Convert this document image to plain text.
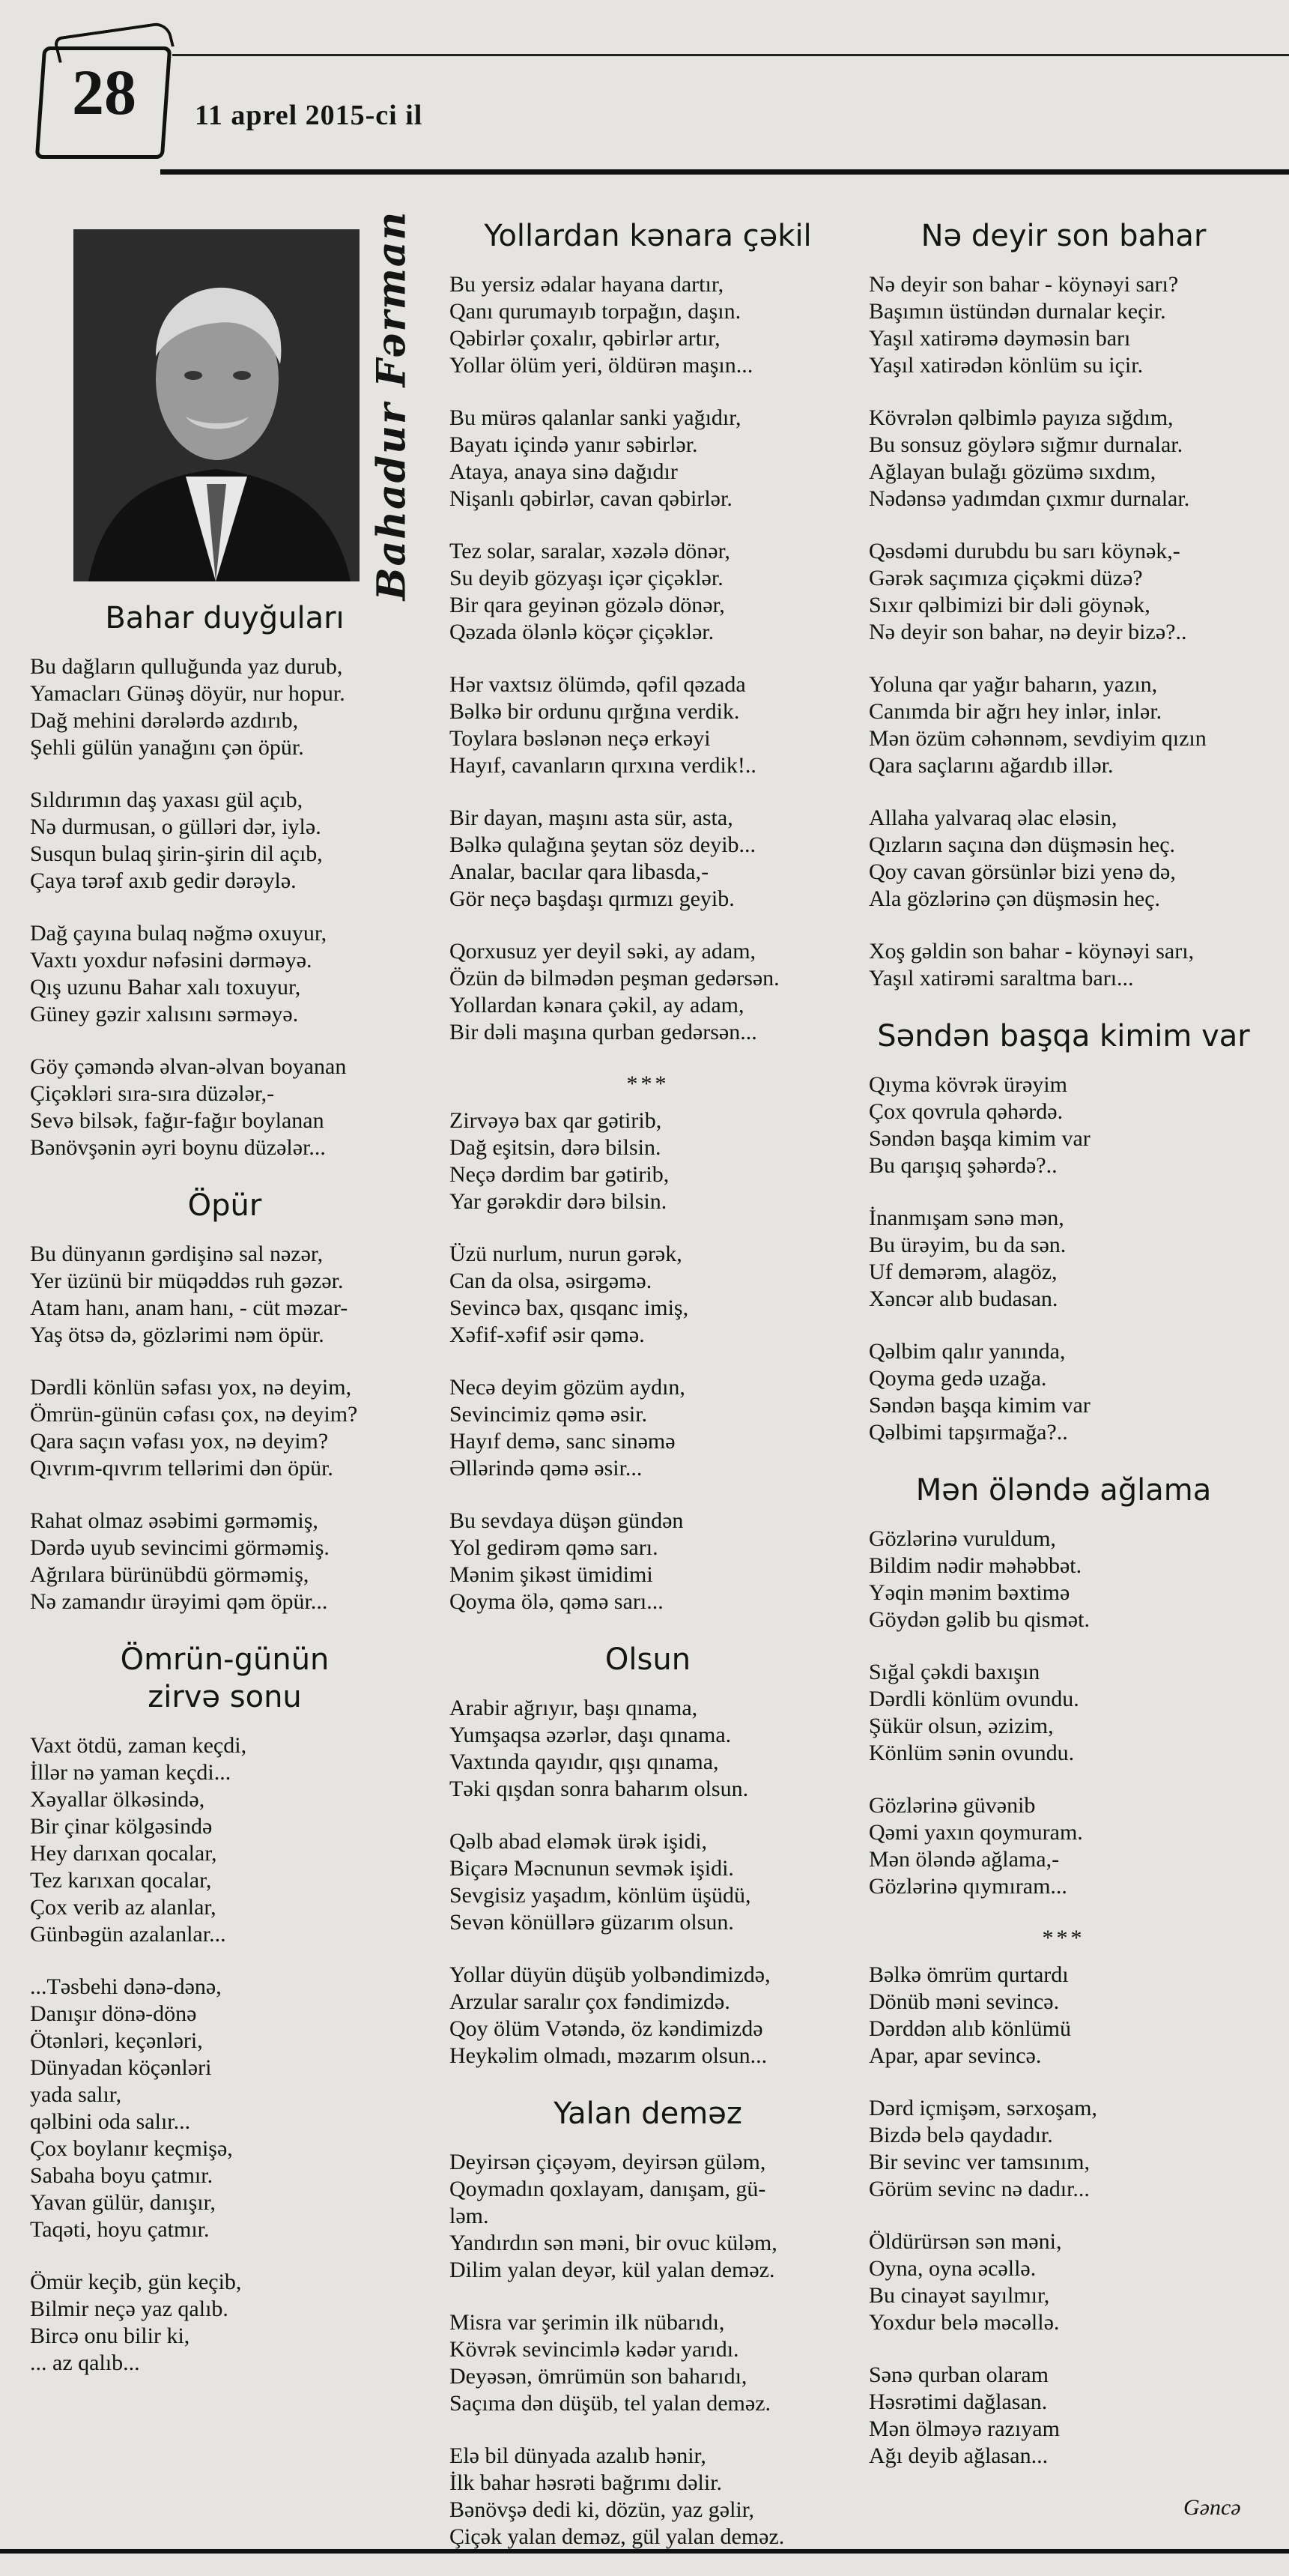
28	11 aprel 2015-ci il
Bahadur Fərman
Bahar duyğuları
Bu dağların qulluğunda yaz durub,
Yamacları Günəş döyür, nur hopur.
Dağ mehini dərələrdə azdırıb,
Şehli gülün yanağını çən öpür.
Sıldırımın daş yaxası gül açıb,
Nə durmusan, o gülləri dər, iylə.
Susqun bulaq şirin-şirin dil açıb,
Çaya tərəf axıb gedir dərəylə.
Dağ çayına bulaq nəğmə oxuyur,
Vaxtı yoxdur nəfəsini dərməyə.
Qış uzunu Bahar xalı toxuyur,
Güney gəzir xalısını sərməyə.
Göy çəməndə əlvan-əlvan boyanan
Çiçəkləri sıra-sıra düzələr,-
Sevə bilsək, fağır-fağır boylanan
Bənövşənin əyri boynu düzələr...
Öpür
Bu dünyanın gərdişinə sal nəzər,
Yer üzünü bir müqəddəs ruh gəzər.
Atam hanı, anam hanı, - cüt məzar-
Yaş ötsə də, gözlərimi nəm öpür.
Dərdli könlün səfası yox, nə deyim,
Ömrün-günün cəfası çox, nə deyim?
Qara saçın vəfası yox, nə deyim?
Qıvrım-qıvrım tellərimi dən öpür.
Rahat olmaz əsəbimi gərməmiş,
Dərdə uyub sevincimi görməmiş.
Ağrılara bürünübdü görməmiş,
Nə zamandır ürəyimi qəm öpür...
Ömrün-günün
zirvə sonu
Vaxt ötdü, zaman keçdi,
İllər nə yaman keçdi...
Xəyallar ölkəsində,
Bir çinar kölgəsində
Hey darıxan qocalar,
Tez karıxan qocalar,
Çox verib az alanlar,
Günbəgün azalanlar...
...Təsbehi dənə-dənə,
Danışır dönə-dönə
Ötənləri, keçənləri,
Dünyadan köçənləri
yada salır,
qəlbini oda salır...
Çox boylanır keçmişə,
Sabaha boyu çatmır.
Yavan gülür, danışır,
Taqəti, hoyu çatmır.
Ömür keçib, gün keçib,
Bilmir neçə yaz qalıb.
Bircə onu bilir ki,
... az qalıb...
Yollardan kənara çəkil
Bu yersiz ədalar hayana dartır,
Qanı qurumayıb torpağın, daşın.
Qəbirlər çoxalır, qəbirlər artır,
Yollar ölüm yeri, öldürən maşın...
Bu mürəs qalanlar sanki yağıdır,
Bayatı içində yanır səbirlər.
Ataya, anaya sinə dağıdır
Nişanlı qəbirlər, cavan qəbirlər.
Tez solar, saralar, xəzələ dönər,
Su deyib gözyaşı içər çiçəklər.
Bir qara geyinən gözələ dönər,
Qəzada ölənlə köçər çiçəklər.
Hər vaxtsız ölümdə, qəfil qəzada
Bəlkə bir ordunu qırğına verdik.
Toylara bəslənən neçə erkəyi
Hayıf, cavanların qırxına verdik!..
Bir dayan, maşını asta sür, asta,
Bəlkə qulağına şeytan söz deyib...
Analar, bacılar qara libasda,-
Gör neçə başdaşı qırmızı geyib.
Qorxusuz yer deyil səki, ay adam,
Özün də bilmədən peşman gedərsən.
Yollardan kənara çəkil, ay adam,
Bir dəli maşına qurban gedərsən...
***
Zirvəyə bax qar gətirib,
Dağ eşitsin, dərə bilsin.
Neçə dərdim bar gətirib,
Yar gərəkdir dərə bilsin.
Üzü nurlum, nurun gərək,
Can da olsa, əsirgəmə.
Sevincə bax, qısqanc imiş,
Xəfif-xəfif əsir qəmə.
Necə deyim gözüm aydın,
Sevincimiz qəmə əsir.
Hayıf demə, sanc sinəmə
Əllərində qəmə əsir...
Bu sevdaya düşən gündən
Yol gedirəm qəmə sarı.
Mənim şikəst ümidimi
Qoyma ölə, qəmə sarı...
Olsun
Arabir ağrıyır, başı qınama,
Yumşaqsa əzərlər, daşı qınama.
Vaxtında qayıdır, qışı qınama,
Təki qışdan sonra baharım olsun.
Qəlb abad eləmək ürək işidi,
Biçarə Məcnunun sevmək işidi.
Sevgisiz yaşadım, könlüm üşüdü,
Sevən könüllərə güzarım olsun.
Yollar düyün düşüb yolbəndimizdə,
Arzular saralır çox fəndimizdə.
Qoy ölüm Vətəndə, öz kəndimizdə
Heykəlim olmadı, məzarım olsun...
Yalan deməz
Deyirsən çiçəyəm, deyirsən güləm,
Qoymadın qoxlayam, danışam, gü-
ləm.
Yandırdın sən məni, bir ovuc küləm,
Dilim yalan deyər, kül yalan deməz.
Misra var şerimin ilk nübarıdı,
Kövrək sevincimlə kədər yarıdı.
Deyəsən, ömrümün son baharıdı,
Saçıma dən düşüb, tel yalan deməz.
Elə bil dünyada azalıb hənir,
İlk bahar həsrəti bağrımı dəlir.
Bənövşə dedi ki, dözün, yaz gəlir,
Çiçək yalan deməz, gül yalan deməz.
Nə deyir son bahar
Nə deyir son bahar - köynəyi sarı?
Başımın üstündən durnalar keçir.
Yaşıl xatirəmə dəyməsin barı
Yaşıl xatirədən könlüm su içir.
Kövrələn qəlbimlə payıza sığdım,
Bu sonsuz göylərə sığmır durnalar.
Ağlayan bulağı gözümə sıxdım,
Nədənsə yadımdan çıxmır durnalar.
Qəsdəmi durubdu bu sarı köynək,-
Gərək saçımıza çiçəkmi düzə?
Sıxır qəlbimizi bir dəli göynək,
Nə deyir son bahar, nə deyir bizə?..
Yoluna qar yağır baharın, yazın,
Canımda bir ağrı hey inlər, inlər.
Mən özüm cəhənnəm, sevdiyim qızın
Qara saçlarını ağardıb illər.
Allaha yalvaraq əlac eləsin,
Qızların saçına dən düşməsin heç.
Qoy cavan görsünlər bizi yenə də,
Ala gözlərinə çən düşməsin heç.
Xoş gəldin son bahar - köynəyi sarı,
Yaşıl xatirəmi saraltma barı...
Səndən başqa kimim var
Qıyma kövrək ürəyim
Çox qovrula qəhərdə.
Səndən başqa kimim var
Bu qarışıq şəhərdə?..
İnanmışam sənə mən,
Bu ürəyim, bu da sən.
Uf demərəm, alagöz,
Xəncər alıb budasan.
Qəlbim qalır yanında,
Qoyma gedə uzağa.
Səndən başqa kimim var
Qəlbimi tapşırmağa?..
Mən öləndə ağlama
Gözlərinə vuruldum,
Bildim nədir məhəbbət.
Yəqin mənim bəxtimə
Göydən gəlib bu qismət.
Sığal çəkdi baxışın
Dərdli könlüm ovundu.
Şükür olsun, əzizim,
Könlüm sənin ovundu.
Gözlərinə güvənib
Qəmi yaxın qoymuram.
Mən öləndə ağlama,-
Gözlərinə qıymıram...
***
Bəlkə ömrüm qurtardı
Dönüb məni sevincə.
Dərddən alıb könlümü
Apar, apar sevincə.
Dərd içmişəm, sərxoşam,
Bizdə belə qaydadır.
Bir sevinc ver tamsınım,
Görüm sevinc nə dadır...
Öldürürsən sən məni,
Oyna, oyna əcəllə.
Bu cinayət sayılmır,
Yoxdur belə məcəllə.
Sənə qurban olaram
Həsrətimi dağlasan.
Mən ölməyə razıyam
Ağı deyib ağlasan...
Gəncə
